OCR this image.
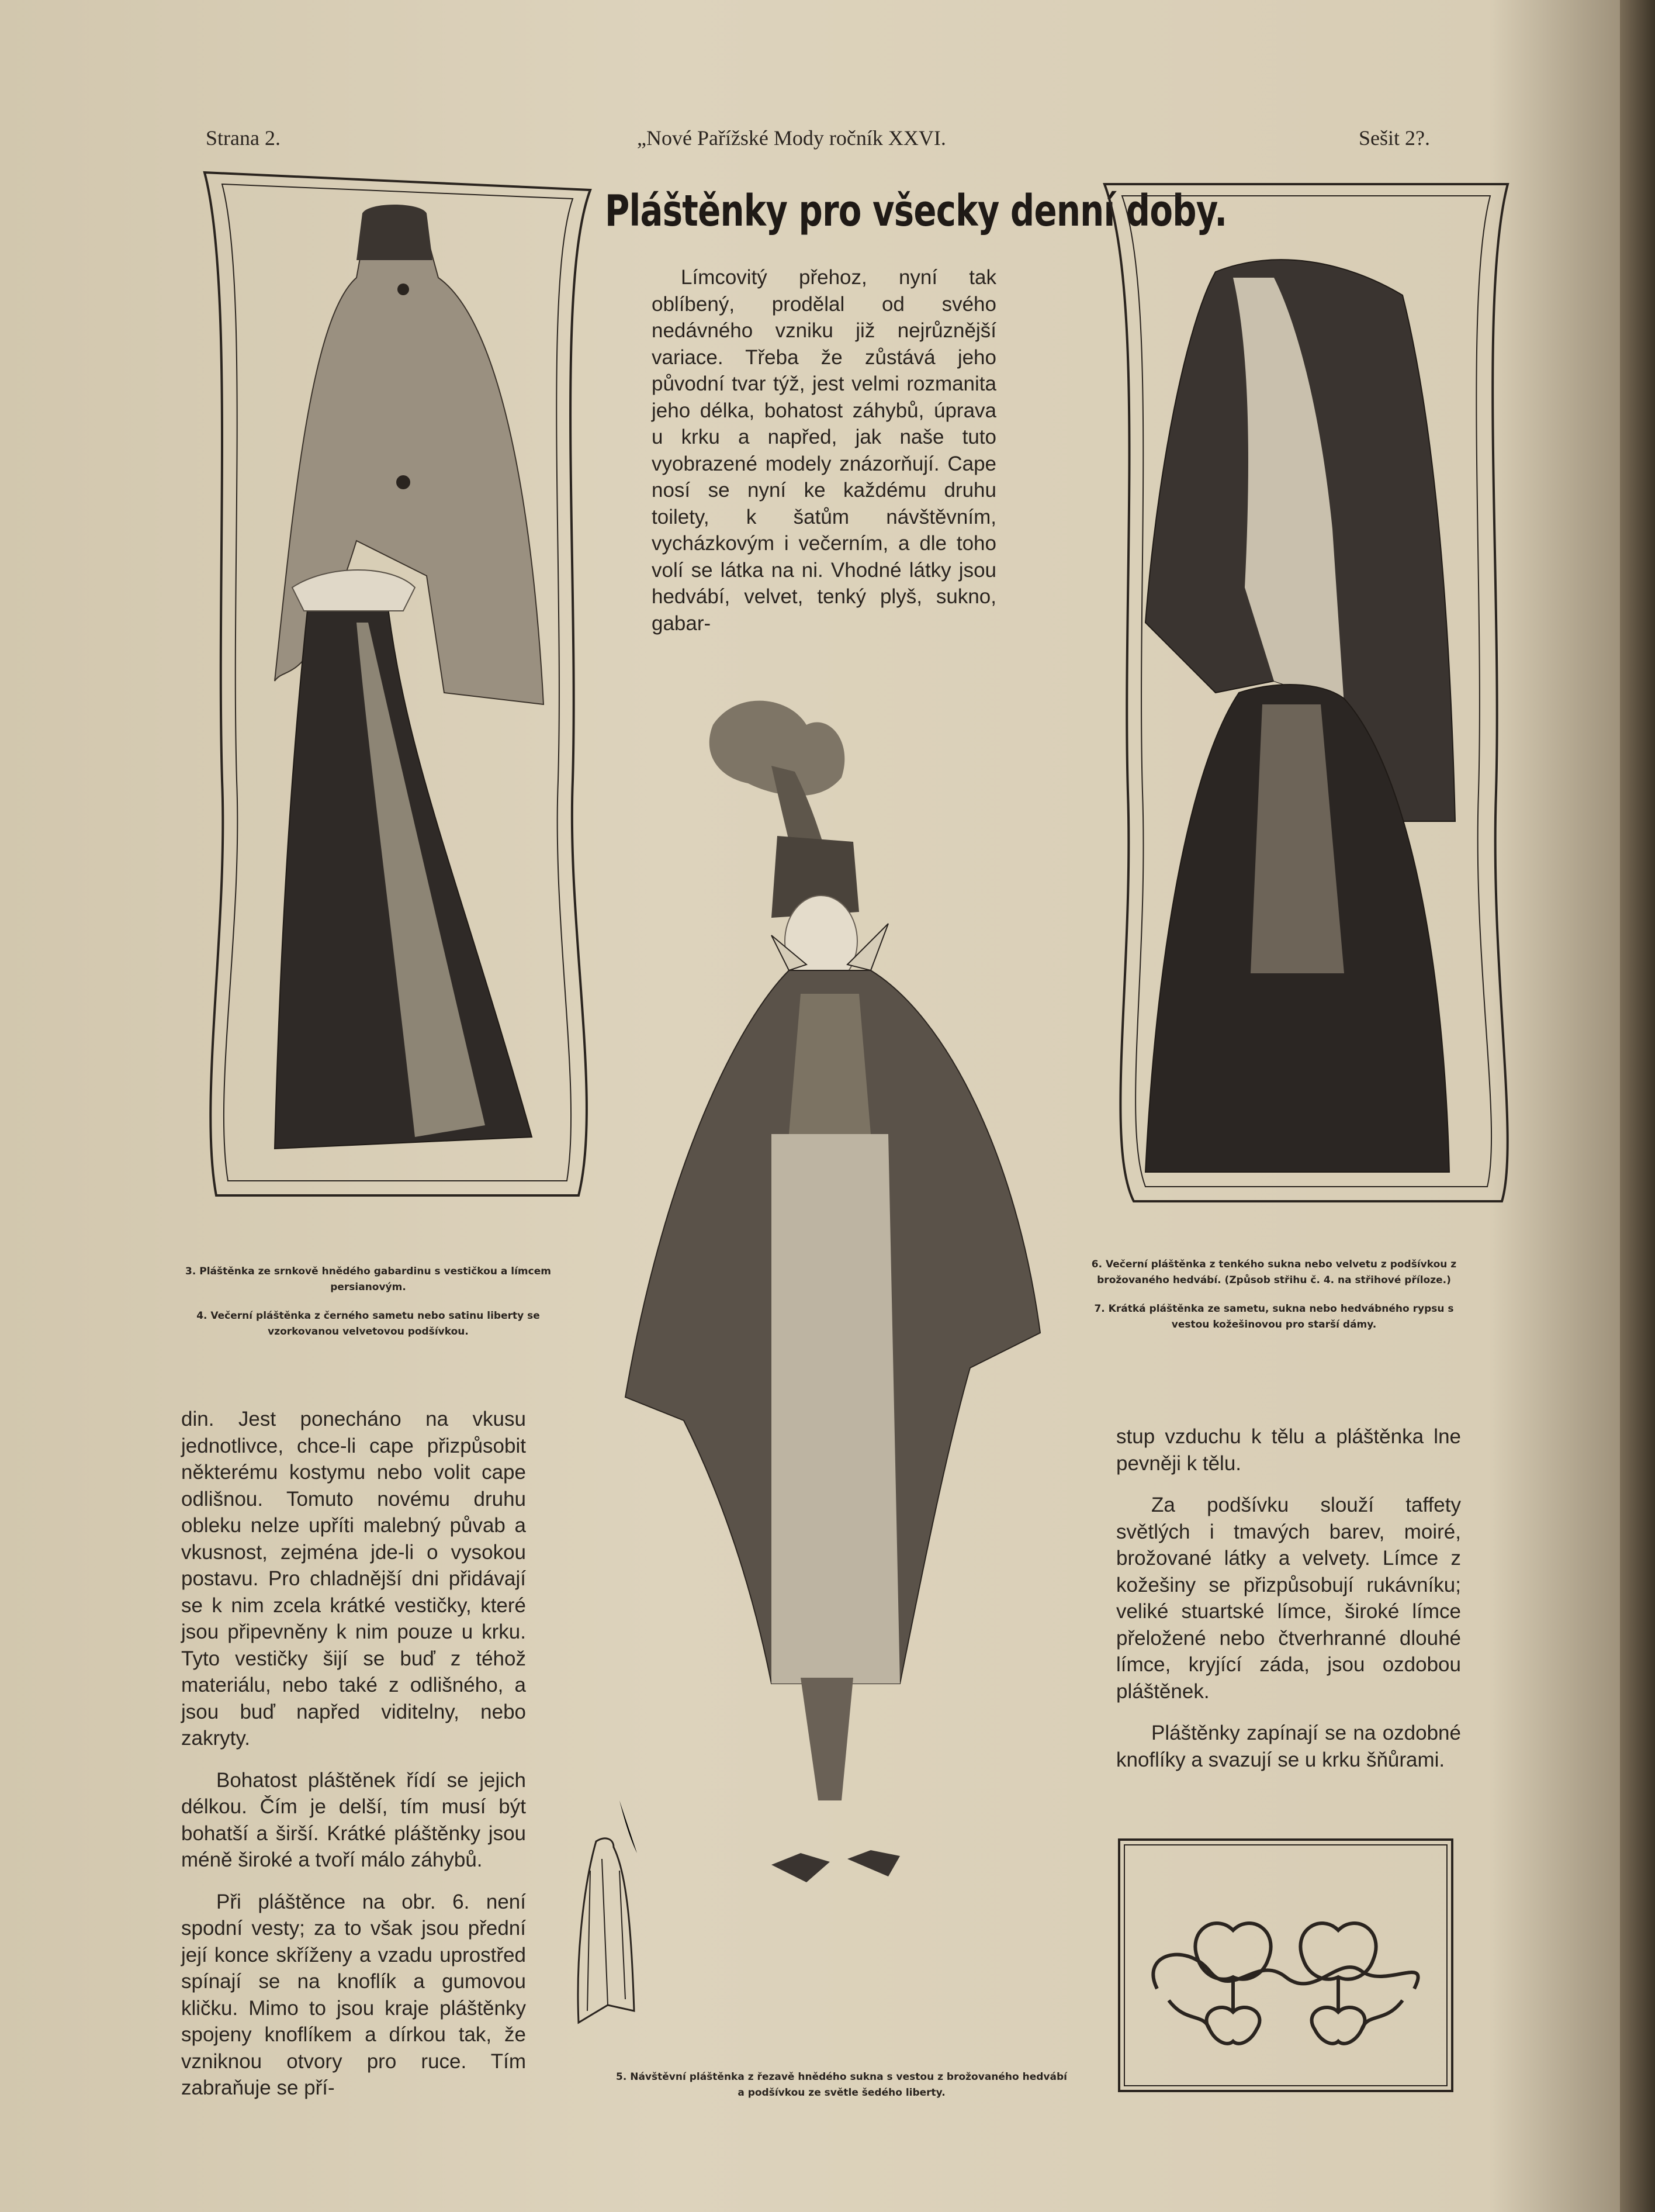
Strana 2.	„Nové Pařížské Mody ročník XXVI.	Sešit 2?.
Pláštěnky pro všecky denní doby.

Límcovitý přehoz, nyní tak oblíbený, prodělal od svého nedávného vzniku již nejrůznější variace. Třeba že zůstává jeho původní tvar týž, jest velmi rozmanita jeho délka, bohatost záhybů, úprava u krku a napřed, jak naše tuto vyobrazené modely znázorňují. Cape nosí se nyní ke každému druhu toilety, k šatům návštěvním, vycházkovým i večerním, a dle toho volí se látka na ni. Vhodné látky jsou hedvábí, velvet, tenký plyš, sukno, gabar-

3. Pláštěnka ze srnkově hnědého gabardinu s vestičkou a límcem persianovým.

4. Večerní pláštěnka z černého sametu nebo satinu liberty se vzorkovanou velvetovou podšívkou.

6. Večerní pláštěnka z tenkého sukna nebo velvetu z podšívkou z brožovaného hedvábí. (Způsob střihu č. 4. na střihové příloze.)

7. Krátká pláštěnka ze sametu, sukna nebo hedvábného rypsu s vestou kožešinovou pro starší dámy.

5. Návštěvní pláštěnka z řezavě hnědého sukna s vestou z brožovaného hedvábí a podšívkou ze světle šedého liberty.

din. Jest ponecháno na vkusu jednotlivce, chce-li cape přizpůsobit některému kostymu nebo volit cape odlišnou. Tomuto novému druhu obleku nelze upříti malebný půvab a vkusnost, zejména jde-li o vysokou postavu. Pro chladnější dni přidávají se k nim zcela krátké vestičky, které jsou připevněny k nim pouze u krku. Tyto vestičky šijí se buď z téhož materiálu, nebo také z odlišného, a jsou buď napřed viditelny, nebo zakryty.

Bohatost pláštěnek řídí se jejich délkou. Čím je delší, tím musí být bohatší a širší. Krátké pláštěnky jsou méně široké a tvoří málo záhybů.

Při pláštěnce na obr. 6. není spodní vesty; za to však jsou přední její konce skříženy a vzadu uprostřed spínají se na knoflík a gumovou kličku. Mimo to jsou kraje pláštěnky spojeny knoflíkem a dírkou tak, že vzniknou otvory pro ruce. Tím zabraňuje se pří-

stup vzduchu k tělu a pláštěnka lne pevněji k tělu.

Za podšívku slouží taffety světlých i tmavých barev, moiré, brožované látky a velvety. Límce z kožešiny se přizpůsobují rukávníku; veliké stuartské límce, široké límce přeložené nebo čtverhranné dlouhé límce, kryjící záda, jsou ozdobou pláštěnek.

Pláštěnky zapínají se na ozdobné knoflíky a svazují se u krku šňůrami.
